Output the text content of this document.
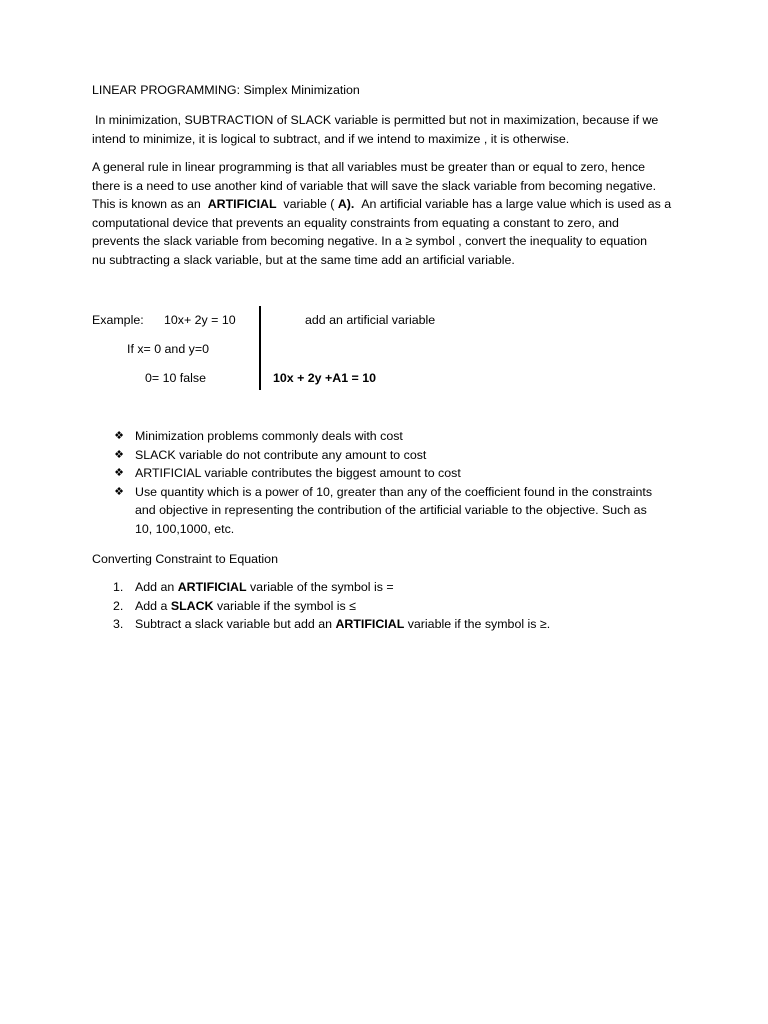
LINEAR PROGRAMMING: Simplex Minimization
In minimization, SUBTRACTION of SLACK variable is permitted but not in maximization, because if we
intend to minimize, it is logical to subtract, and if we intend to maximize , it is otherwise.
A general rule in linear programming is that all variables must be greater than or equal to zero, hence
there is a need to use another kind of variable that will save the slack variable from becoming negative.
This is known as an ARTIFICIAL variable ( A). An artificial variable has a large value which is used as a
computational device that prevents an equality constraints from equating a constant to zero, and
prevents the slack variable from becoming negative. In a ≥ symbol , convert the inequality to equation
nu subtracting a slack variable, but at the same time add an artificial variable.
Example: 10x+ 2y = 10	add an artificial variable
If x= 0 and y=0
0= 10 false	10x + 2y +A1 = 10
❖ Minimization problems commonly deals with cost
❖ SLACK variable do not contribute any amount to cost
❖ ARTIFICIAL variable contributes the biggest amount to cost
❖ Use quantity which is a power of 10, greater than any of the coefficient found in the constraints
and objective in representing the contribution of the artificial variable to the objective. Such as
10, 100,1000, etc.
Converting Constraint to Equation
1. Add an ARTIFICIAL variable of the symbol is =
2. Add a SLACK variable if the symbol is ≤
3. Subtract a slack variable but add an ARTIFICIAL variable if the symbol is ≥.
